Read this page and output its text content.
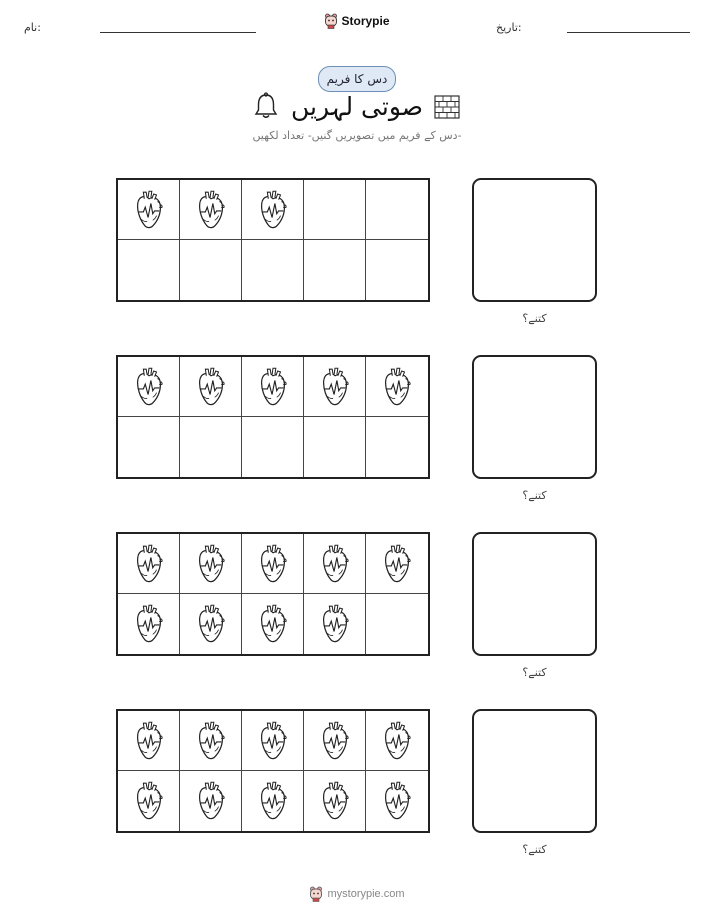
نام:	Storypie	تاریخ:
دس کا فریم
صوتی لہریں
دس کے فریم میں تصویریں گنیں- تعداد لکھیں-
کتنے؟
کتنے؟
کتنے؟
کتنے؟
mystorypie.com
